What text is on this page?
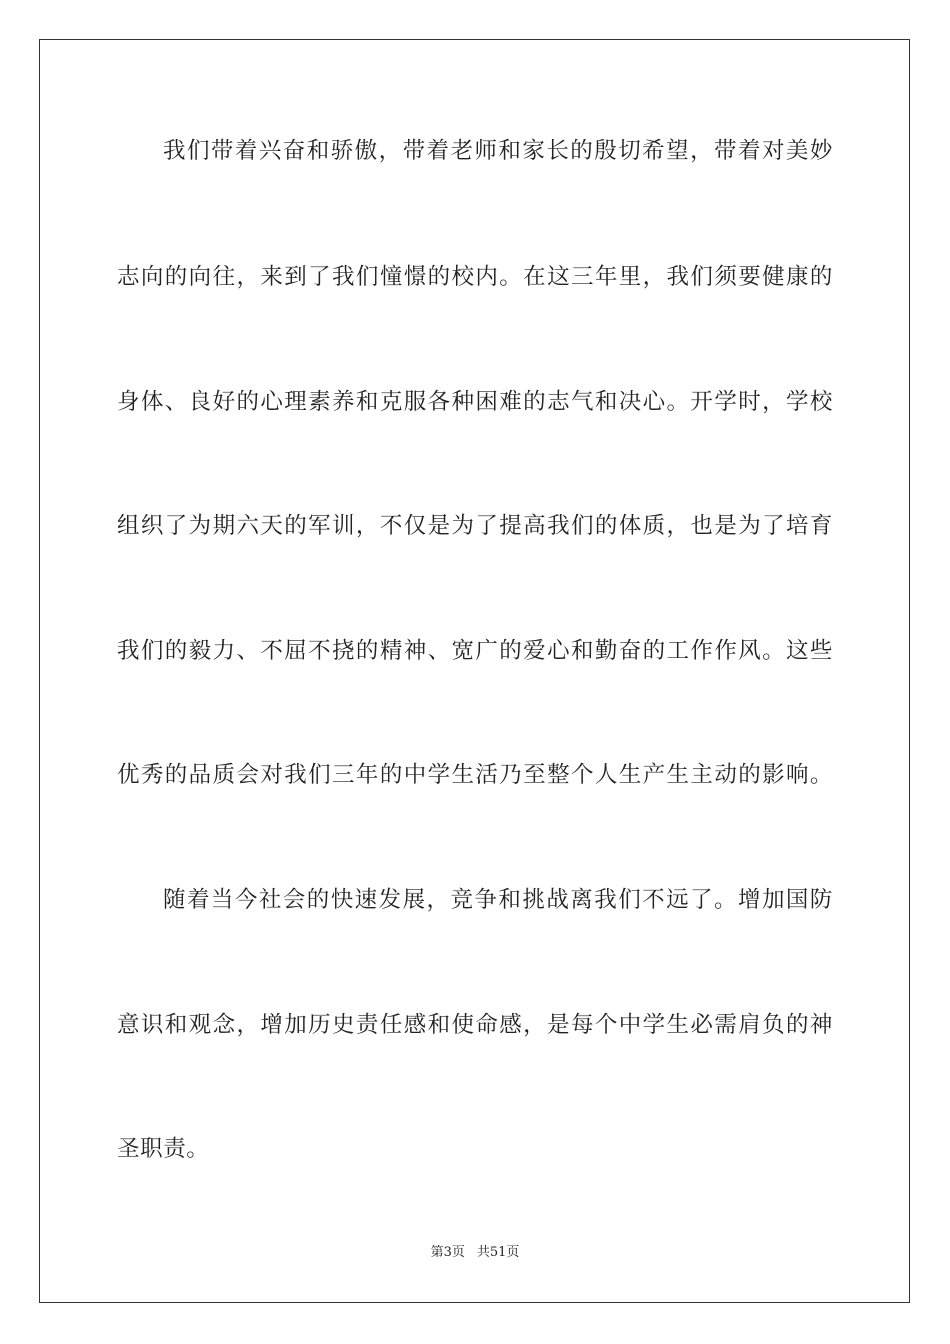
我们带着兴奋和骄傲，带着老师和家长的殷切希望，带着对美妙
志向的向往，来到了我们憧憬的校内。在这三年里，我们须要健康的
身体、良好的心理素养和克服各种困难的志气和决心。开学时，学校
组织了为期六天的军训，不仅是为了提高我们的体质，也是为了培育
我们的毅力、不屈不挠的精神、宽广的爱心和勤奋的工作作风。这些
优秀的品质会对我们三年的中学生活乃至整个人生产生主动的影响。
随着当今社会的快速发展，竞争和挑战离我们不远了。增加国防
意识和观念，增加历史责任感和使命感，是每个中学生必需肩负的神
圣职责。
第3页 共51页
